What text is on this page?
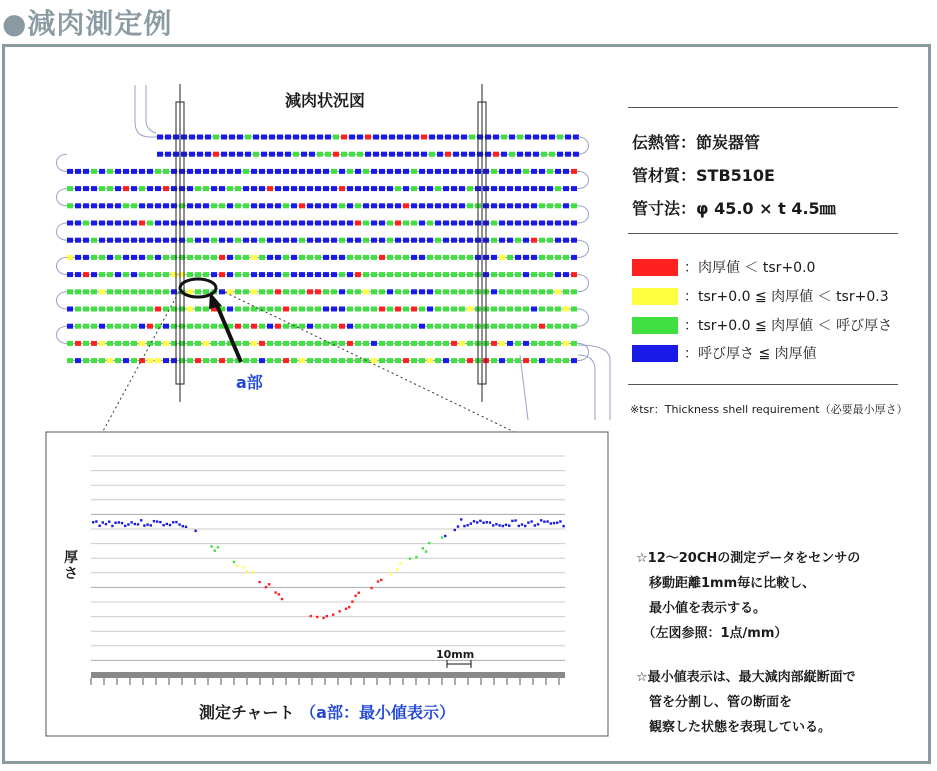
●減肉測定例
減肉状況図
a部
伝熱管：節炭器管
管材質：STB510E
管寸法：φ 45.0 × t 4.5㎜
：肉厚値 ＜ tsr+0.0
：tsr+0.0 ≦ 肉厚値 ＜ tsr+0.3
：tsr+0.0 ≦ 肉厚値 ＜ 呼び厚さ
：呼び厚さ ≦ 肉厚値
※tsr：Thickness shell requirement（必要最小厚さ）
☆12～20CHの測定データをセンサの
　移動距離1mm毎に比較し、
　最小値を表示する。
　（左図参照：1点/mm）
☆最小値表示は、最大減肉部縦断面で
　管を分割し、管の断面を
　観察した状態を表現している。
厚さ
10mm
測定チャート （a部：最小値表示）
